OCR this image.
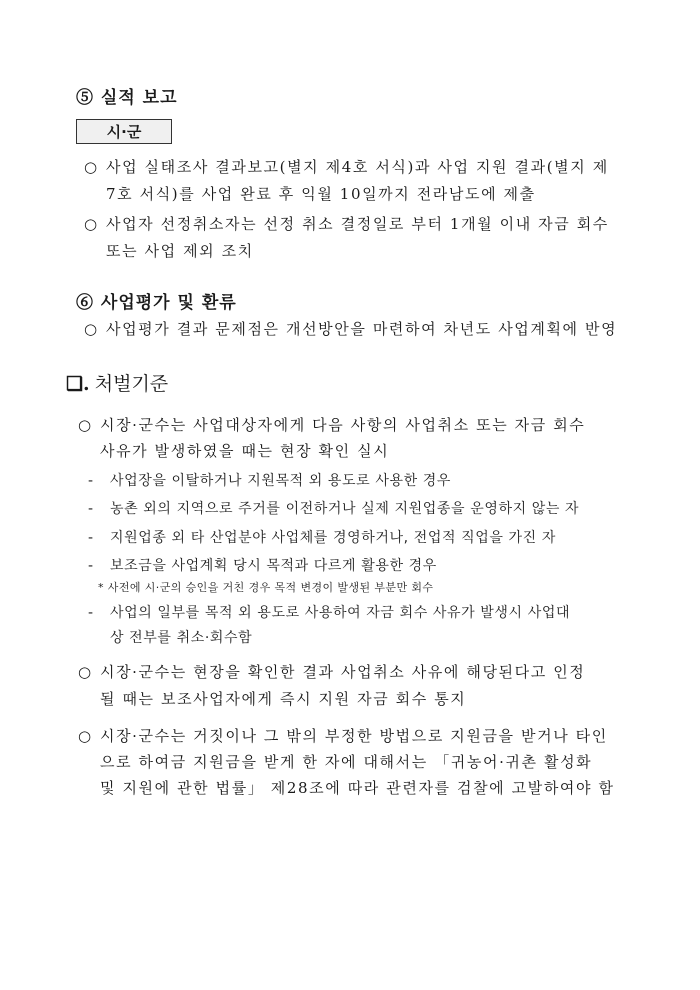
⑤ 실적 보고
시·군
○ 사업 실태조사 결과보고(별지 제4호 서식)과 사업 지원 결과(별지 제
7호 서식)를 사업 완료 후 익월 10일까지 전라남도에 제출
○ 사업자 선정취소자는 선정 취소 결정일로 부터 1개월 이내 자금 회수
또는 사업 제외 조치
⑥ 사업평가 및 환류
○ 사업평가 결과 문제점은 개선방안을 마련하여 차년도 사업계획에 반영
❑. 처벌기준
○ 시장·군수는 사업대상자에게 다음 사항의 사업취소 또는 자금 회수
사유가 발생하였을 때는 현장 확인 실시
- 사업장을 이탈하거나 지원목적 외 용도로 사용한 경우
- 농촌 외의 지역으로 주거를 이전하거나 실제 지원업종을 운영하지 않는 자
- 지원업종 외 타 산업분야 사업체를 경영하거나, 전업적 직업을 가진 자
- 보조금을 사업계획 당시 목적과 다르게 활용한 경우
* 사전에 시·군의 승인을 거친 경우 목적 변경이 발생된 부분만 회수
- 사업의 일부를 목적 외 용도로 사용하여 자금 회수 사유가 발생시 사업대
상 전부를 취소·회수함
○ 시장·군수는 현장을 확인한 결과 사업취소 사유에 해당된다고 인정
될 때는 보조사업자에게 즉시 지원 자금 회수 통지
○ 시장·군수는 거짓이나 그 밖의 부정한 방법으로 지원금을 받거나 타인
으로 하여금 지원금을 받게 한 자에 대해서는 「귀농어·귀촌 활성화
및 지원에 관한 법률」 제28조에 따라 관련자를 검찰에 고발하여야 함
